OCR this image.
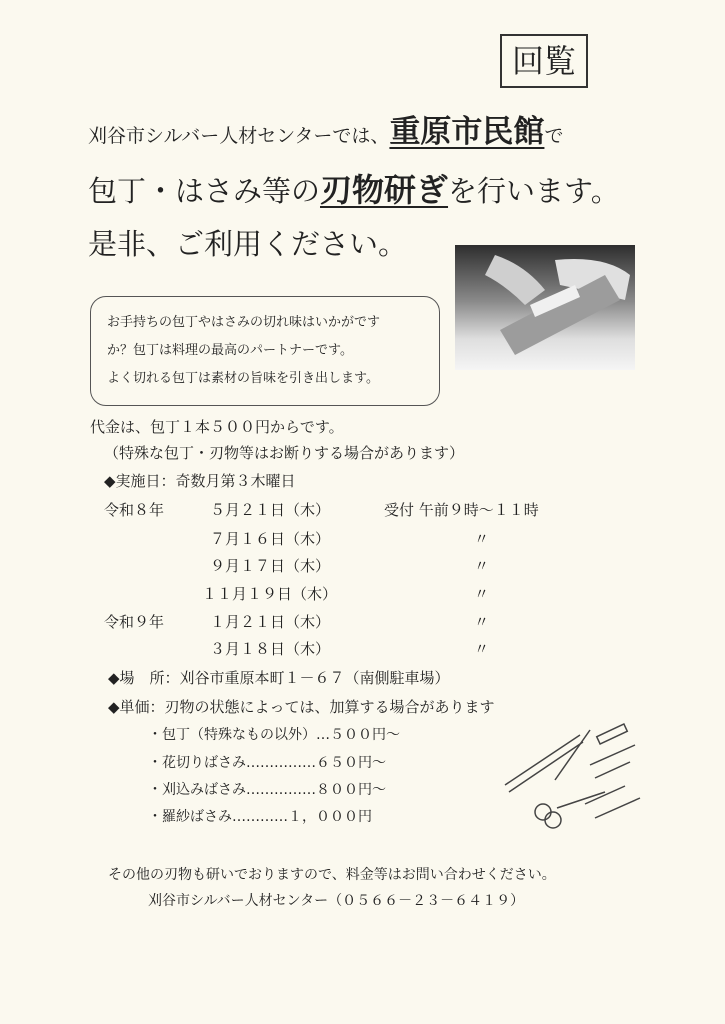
回覧
刈谷市シルバー人材センターでは、重原市民館で
包丁・はさみ等の刃物研ぎを行います。
是非、ご利用ください。
お手持ちの包丁やはさみの切れ味はいかがです
か？包丁は料理の最高のパートナーです。
よく切れる包丁は素材の旨味を引き出します。
代金は、包丁１本５００円からです。
（特殊な包丁・刃物等はお断りする場合があります）
◆実施日：奇数月第３木曜日
令和８年	５月２１日（木）	受付 午前９時～１１時
７月１６日（木）	〃
９月１７日（木）	〃
１１月１９日（木）	〃
令和９年	１月２１日（木）	〃
３月１８日（木）	〃
◆場　所：刈谷市重原本町１－６７（南側駐車場）
◆単価：刃物の状態によっては、加算する場合があります
・包丁（特殊なもの以外）…５００円～
・花切りばさみ……………６５０円～
・刈込みばさみ……………８００円～
・羅紗ばさみ…………１，０００円
その他の刃物も研いでおりますので、料金等はお問い合わせください。
刈谷市シルバー人材センター（０５６６－２３－６４１９）
